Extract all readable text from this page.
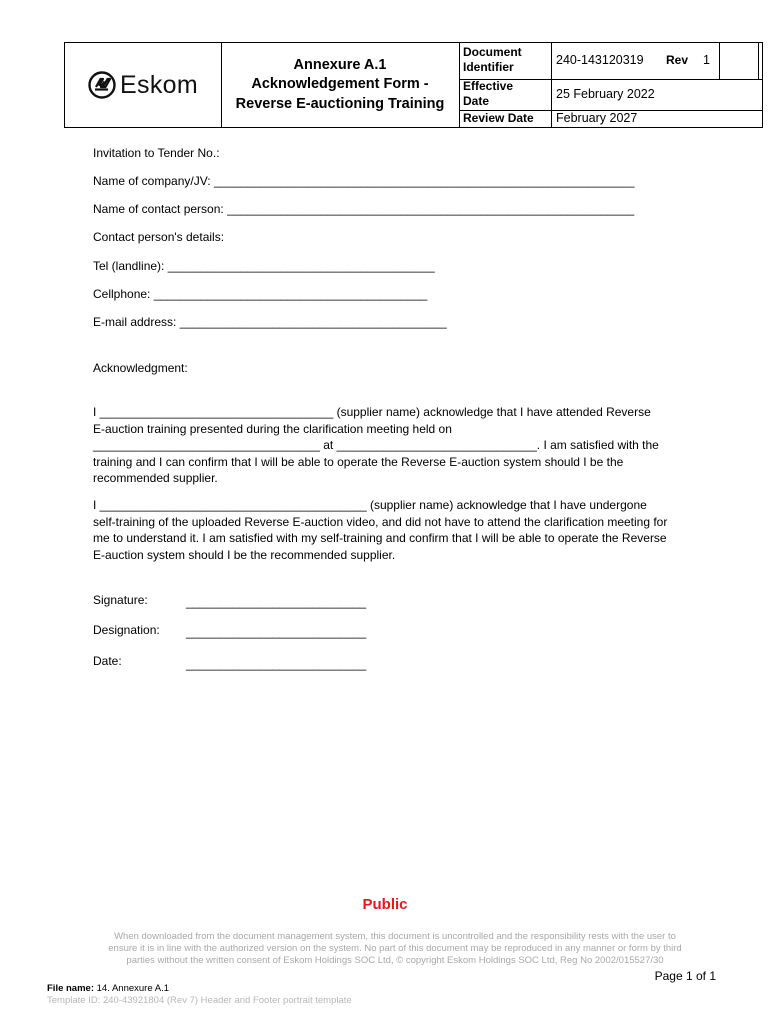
Eskom
Annexure A.1
Acknowledgement Form -
Reverse E-auctioning Training
Document
Identifier	240-143120319	Rev	1
Effective
Date	25 February 2022
Review Date	February 2027
Invitation to Tender No.:
Name of company/JV: _______________________________________________________________
Name of contact person: _____________________________________________________________
Contact person's details:
Tel (landline): ________________________________________
Cellphone: _________________________________________
E-mail address: ________________________________________
Acknowledgment:
I ___________________________________ (supplier name) acknowledge that I have attended Reverse
E-auction training presented during the clarification meeting held on
__________________________________ at ______________________________. I am satisfied with the
training and I can confirm that I will be able to operate the Reverse E-auction system should I be the
recommended supplier.
I ________________________________________ (supplier name) acknowledge that I have undergone
self-training of the uploaded Reverse E-auction video, and did not have to attend the clarification meeting for
me to understand it. I am satisfied with my self-training and confirm that I will be able to operate the Reverse
E-auction system should I be the recommended supplier.
Signature:	___________________________
Designation: ___________________________
Date:	___________________________
Public
When downloaded from the document management system, this document is uncontrolled and the responsibility rests with the user to
ensure it is in line with the authorized version on the system. No part of this document may be reproduced in any manner or form by third
parties without the written consent of Eskom Holdings SOC Ltd, © copyright Eskom Holdings SOC Ltd, Reg No 2002/015527/30
Page 1 of 1
File name: 14. Annexure A.1
Template ID: 240-43921804 (Rev 7) Header and Footer portrait template
